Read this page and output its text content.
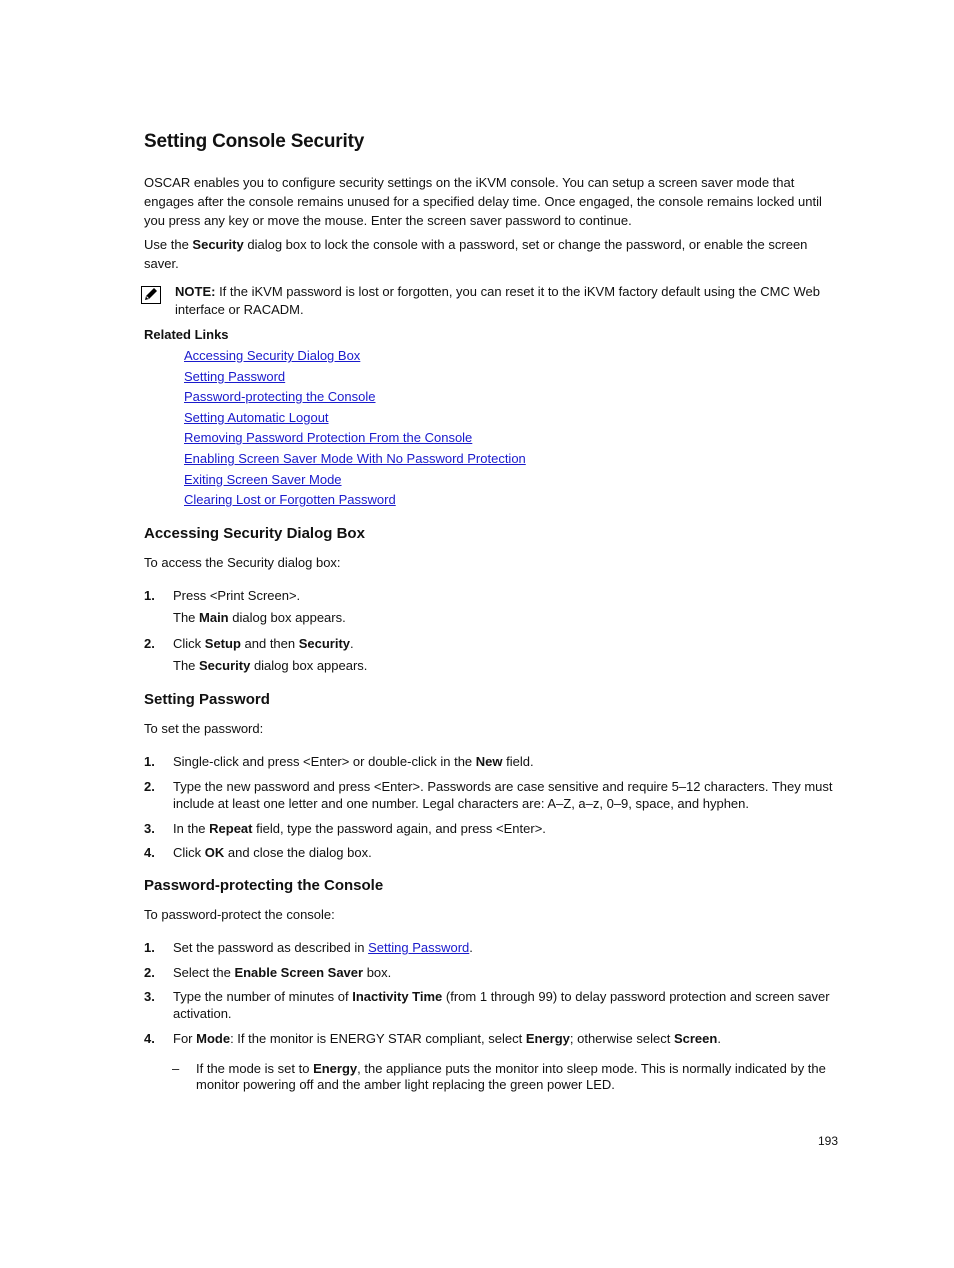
Setting Console Security

OSCAR enables you to configure security settings on the iKVM console. You can setup a screen saver mode that engages after the console remains unused for a specified delay time. Once engaged, the console remains locked until you press any key or move the mouse. Enter the screen saver password to continue.

Use the Security dialog box to lock the console with a password, set or change the password, or enable the screen saver.

NOTE: If the iKVM password is lost or forgotten, you can reset it to the iKVM factory default using the CMC Web interface or RACADM.
Related Links
Accessing Security Dialog Box
Setting Password
Password-protecting the Console
Setting Automatic Logout
Removing Password Protection From the Console
Enabling Screen Saver Mode With No Password Protection
Exiting Screen Saver Mode
Clearing Lost or Forgotten Password
Accessing Security Dialog Box

To access the Security dialog box:

1. Press <Print Screen>.
The Main dialog box appears.
2. Click Setup and then Security.
The Security dialog box appears.
Setting Password

To set the password:

1. Single-click and press <Enter> or double-click in the New field.
2. Type the new password and press <Enter>. Passwords are case sensitive and require 5–12 characters. They must include at least one letter and one number. Legal characters are: A–Z, a–z, 0–9, space, and hyphen.
3. In the Repeat field, type the password again, and press <Enter>.
4. Click OK and close the dialog box.
Password-protecting the Console

To password-protect the console:

1. Set the password as described in Setting Password.
2. Select the Enable Screen Saver box.
3. Type the number of minutes of Inactivity Time (from 1 through 99) to delay password protection and screen saver activation.
4. For Mode: If the monitor is ENERGY STAR compliant, select Energy; otherwise select Screen.
– If the mode is set to Energy, the appliance puts the monitor into sleep mode. This is normally indicated by the monitor powering off and the amber light replacing the green power LED.
193
